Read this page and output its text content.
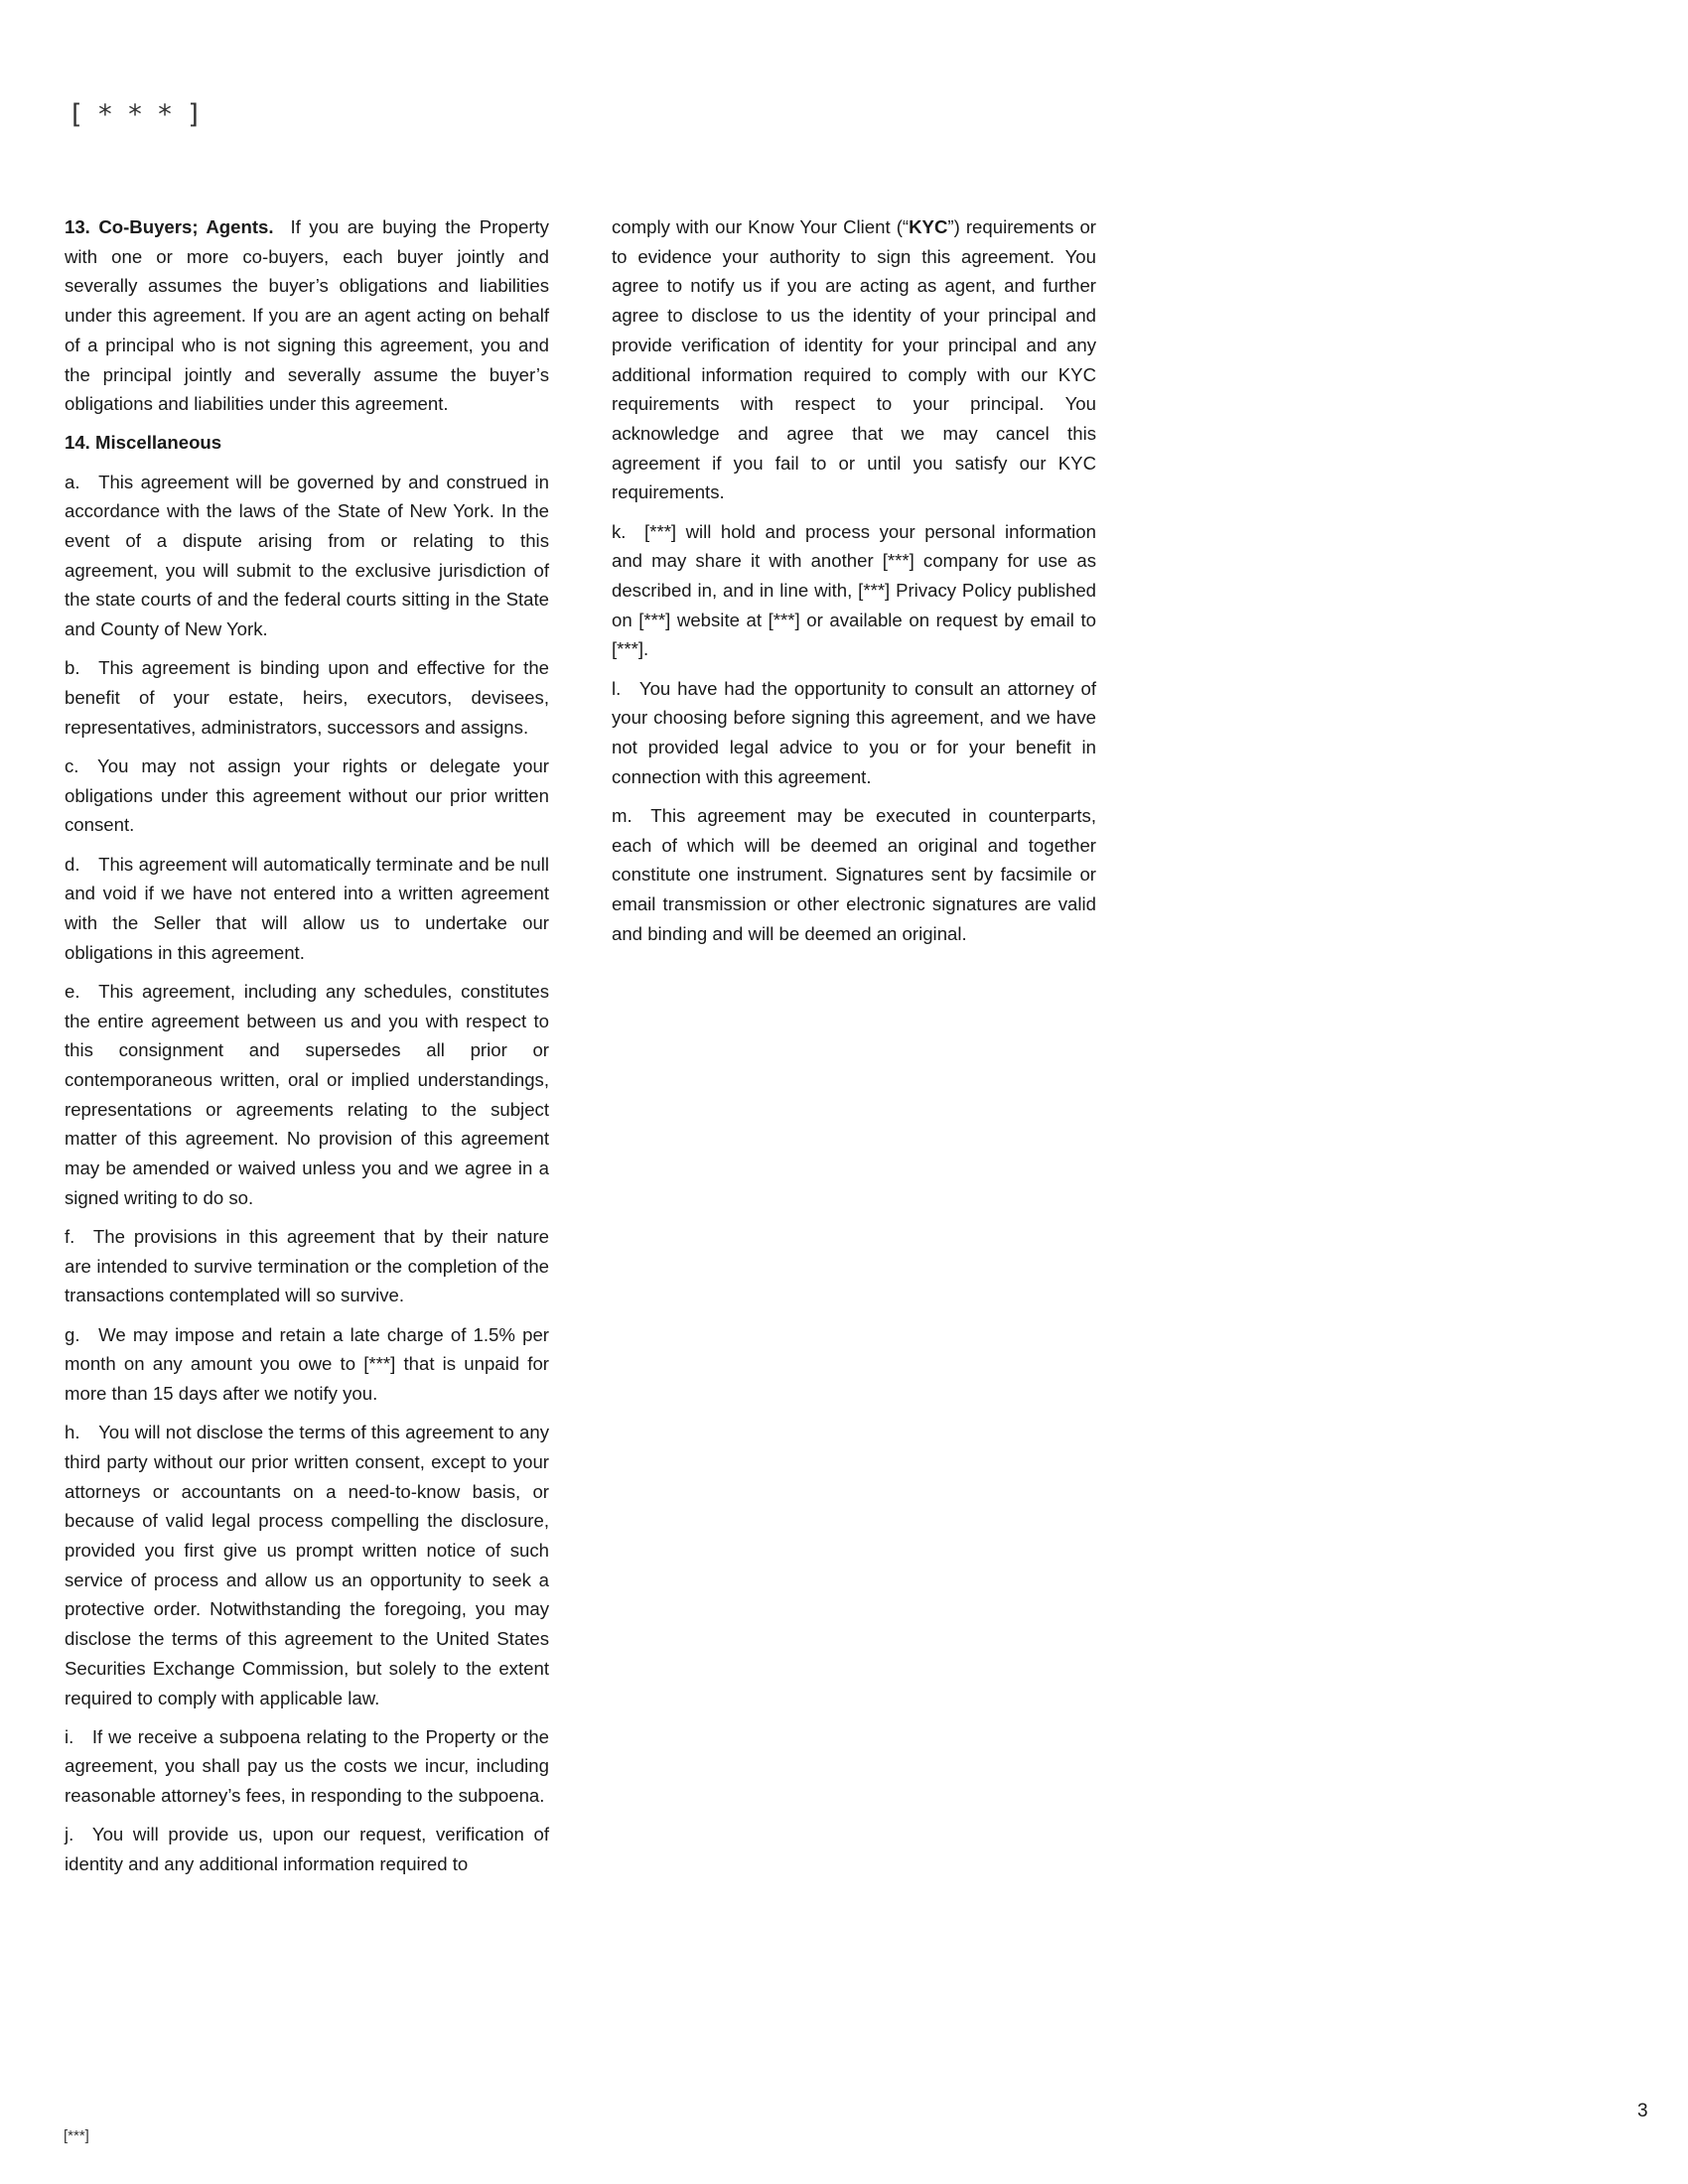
[ * * * ]

13. Co-Buyers; Agents. If you are buying the Property with one or more co-buyers, each buyer jointly and severally assumes the buyer’s obligations and liabilities under this agreement. If you are an agent acting on behalf of a principal who is not signing this agreement, you and the principal jointly and severally assume the buyer’s obligations and liabilities under this agreement.

14. Miscellaneous

a. This agreement will be governed by and construed in accordance with the laws of the State of New York. In the event of a dispute arising from or relating to this agreement, you will submit to the exclusive jurisdiction of the state courts of and the federal courts sitting in the State and County of New York.

b. This agreement is binding upon and effective for the benefit of your estate, heirs, executors, devisees, representatives, administrators, successors and assigns.

c. You may not assign your rights or delegate your obligations under this agreement without our prior written consent.

d. This agreement will automatically terminate and be null and void if we have not entered into a written agreement with the Seller that will allow us to undertake our obligations in this agreement.

e. This agreement, including any schedules, constitutes the entire agreement between us and you with respect to this consignment and supersedes all prior or contemporaneous written, oral or implied understandings, representations or agreements relating to the subject matter of this agreement. No provision of this agreement may be amended or waived unless you and we agree in a signed writing to do so.

f. The provisions in this agreement that by their nature are intended to survive termination or the completion of the transactions contemplated will so survive.

g. We may impose and retain a late charge of 1.5% per month on any amount you owe to [***] that is unpaid for more than 15 days after we notify you.

h. You will not disclose the terms of this agreement to any third party without our prior written consent, except to your attorneys or accountants on a need-to-know basis, or because of valid legal process compelling the disclosure, provided you first give us prompt written notice of such service of process and allow us an opportunity to seek a protective order. Notwithstanding the foregoing, you may disclose the terms of this agreement to the United States Securities Exchange Commission, but solely to the extent required to comply with applicable law.

i. If we receive a subpoena relating to the Property or the agreement, you shall pay us the costs we incur, including reasonable attorney’s fees, in responding to the subpoena.

j. You will provide us, upon our request, verification of identity and any additional information required to

comply with our Know Your Client (“KYC”) requirements or to evidence your authority to sign this agreement. You agree to notify us if you are acting as agent, and further agree to disclose to us the identity of your principal and provide verification of identity for your principal and any additional information required to comply with our KYC requirements with respect to your principal. You acknowledge and agree that we may cancel this agreement if you fail to or until you satisfy our KYC requirements.

k. [***] will hold and process your personal information and may share it with another [***] company for use as described in, and in line with, [***] Privacy Policy published on [***] website at [***] or available on request by email to [***].

l. You have had the opportunity to consult an attorney of your choosing before signing this agreement, and we have not provided legal advice to you or for your benefit in connection with this agreement.

m. This agreement may be executed in counterparts, each of which will be deemed an original and together constitute one instrument. Signatures sent by facsimile or email transmission or other electronic signatures are valid and binding and will be deemed an original.

[***]
3
